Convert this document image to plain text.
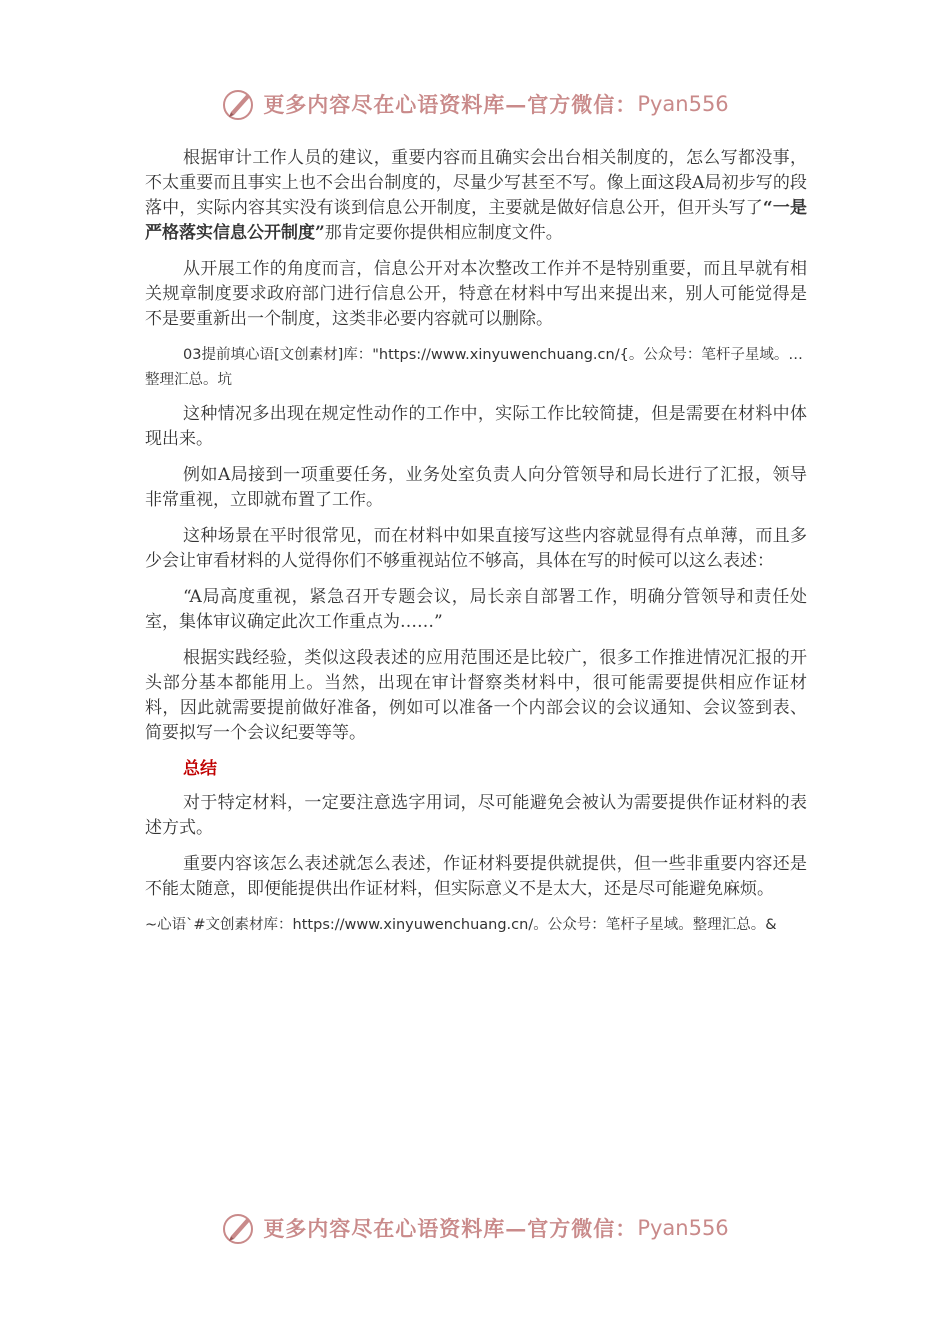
更多内容尽在心语资料库—官方微信： Pyan556

根据审计工作人员的建议，重要内容而且确实会出台相关制度的，怎么写都没事，不太重要而且事实上也不会出台制度的，尽量少写甚至不写。像上面这段A局初步写的段落中，实际内容其实没有谈到信息公开制度，主要就是做好信息公开，但开头写了“一是严格落实信息公开制度”那肯定要你提供相应制度文件。

从开展工作的角度而言，信息公开对本次整改工作并不是特别重要，而且早就有相关规章制度要求政府部门进行信息公开，特意在材料中写出来提出来，别人可能觉得是不是要重新出一个制度，这类非必要内容就可以删除。

03提前填心语[文创素材]库："https://www.xinyuwenchuang.cn/{。公众号：笔杆子星域。…整理汇总。坑

这种情况多出现在规定性动作的工作中，实际工作比较简捷，但是需要在材料中体现出来。

例如A局接到一项重要任务，业务处室负责人向分管领导和局长进行了汇报，领导非常重视，立即就布置了工作。

这种场景在平时很常见，而在材料中如果直接写这些内容就显得有点单薄，而且多少会让审看材料的人觉得你们不够重视站位不够高，具体在写的时候可以这么表述：

“A局高度重视，紧急召开专题会议，局长亲自部署工作，明确分管领导和责任处室，集体审议确定此次工作重点为……”

根据实践经验，类似这段表述的应用范围还是比较广，很多工作推进情况汇报的开头部分基本都能用上。当然，出现在审计督察类材料中，很可能需要提供相应作证材料，因此就需要提前做好准备，例如可以准备一个内部会议的会议通知、会议签到表、简要拟写一个会议纪要等等。

总结

对于特定材料，一定要注意选字用词，尽可能避免会被认为需要提供作证材料的表述方式。

重要内容该怎么表述就怎么表述，作证材料要提供就提供，但一些非重要内容还是不能太随意，即便能提供出作证材料，但实际意义不是太大，还是尽可能避免麻烦。

~心语`#文创素材库：https://www.xinyuwenchuang.cn/。公众号：笔杆子星域。整理汇总。&

更多内容尽在心语资料库—官方微信： Pyan556
